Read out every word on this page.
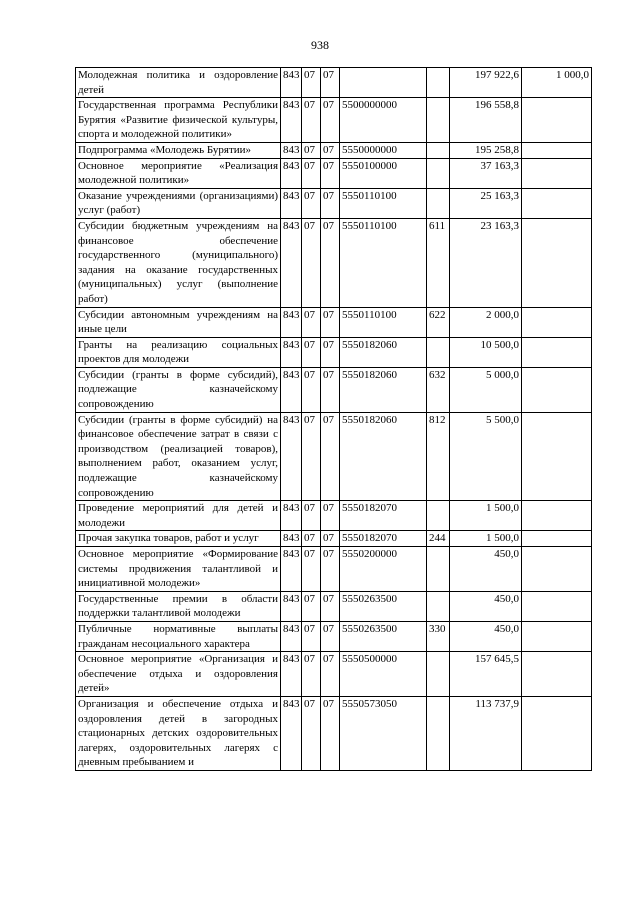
938
Молодежная политика и оздоровление детей	843	07	07			197 922,6	1 000,0
Государственная программа Республики Бурятия «Развитие физической культуры, спорта и молодежной политики»	843	07	07	5500000000		196 558,8	
Подпрограмма «Молодежь Бурятии»	843	07	07	5550000000		195 258,8	
Основное мероприятие «Реализация молодежной политики»	843	07	07	5550100000		37 163,3	
Оказание учреждениями (организациями) услуг (работ)	843	07	07	5550110100		25 163,3	
Субсидии бюджетным учреждениям на финансовое обеспечение государственного (муниципального) задания на оказание государственных (муниципальных) услуг (выполнение работ)	843	07	07	5550110100	611	23 163,3	
Субсидии автономным учреждениям на иные цели	843	07	07	5550110100	622	2 000,0	
Гранты на реализацию социальных проектов для молодежи	843	07	07	5550182060		10 500,0	
Субсидии (гранты в форме субсидий), подлежащие казначейскому сопровождению	843	07	07	5550182060	632	5 000,0	
Субсидии (гранты в форме субсидий) на финансовое обеспечение затрат в связи с производством (реализацией товаров), выполнением работ, оказанием услуг, подлежащие казначейскому сопровождению	843	07	07	5550182060	812	5 500,0	
Проведение мероприятий для детей и молодежи	843	07	07	5550182070		1 500,0	
Прочая закупка товаров, работ и услуг	843	07	07	5550182070	244	1 500,0	
Основное мероприятие «Формирование системы продвижения талантливой и инициативной молодежи»	843	07	07	5550200000		450,0	
Государственные премии в области поддержки талантливой молодежи	843	07	07	5550263500		450,0	
Публичные нормативные выплаты гражданам несоциального характера	843	07	07	5550263500	330	450,0	
Основное мероприятие «Организация и обеспечение отдыха и оздоровления детей»	843	07	07	5550500000		157 645,5	
Организация и обеспечение отдыха и оздоровления детей в загородных стационарных детских оздоровительных лагерях, оздоровительных лагерях с дневным пребыванием и	843	07	07	5550573050		113 737,9	
